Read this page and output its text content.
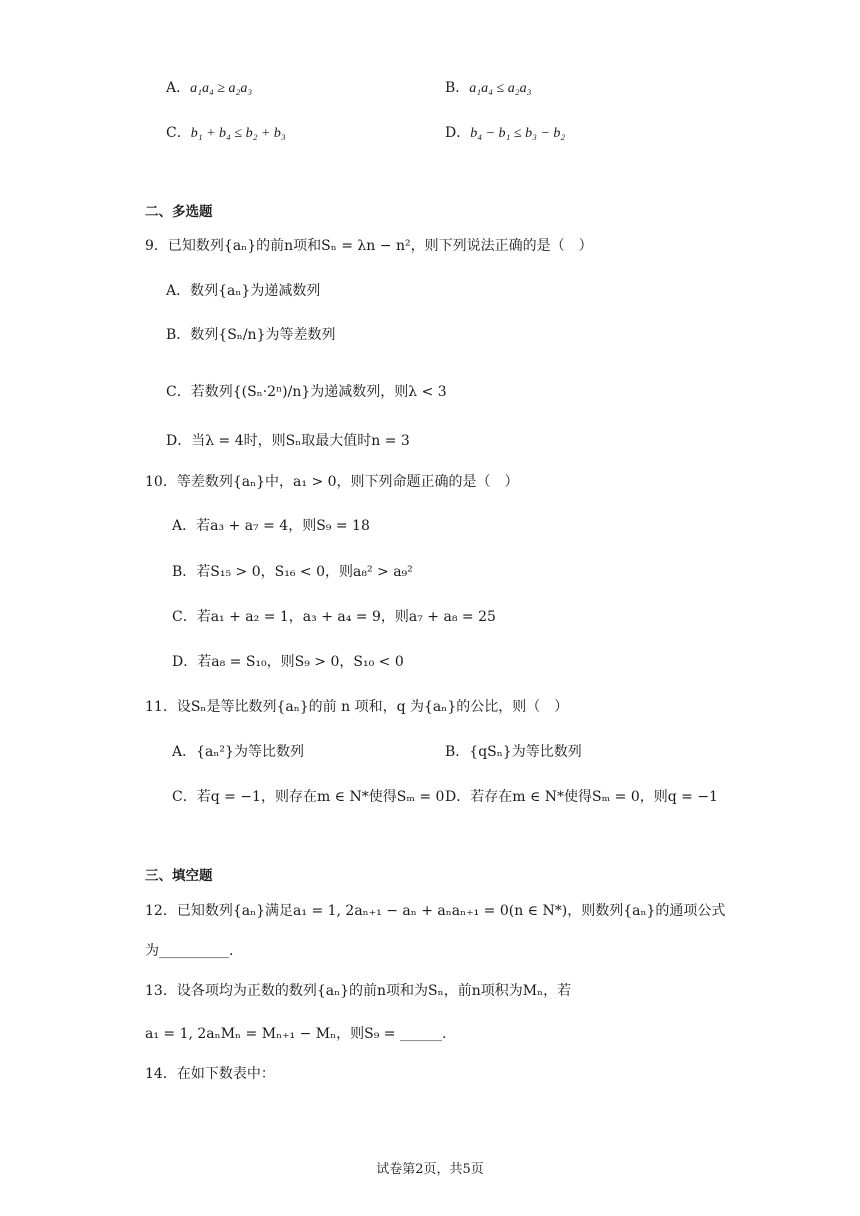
A．a₁a₄ ≥ a₂a₃	B．a₁a₄ ≤ a₂a₃
C．b₁ + b₄ ≤ b₂ + b₃	D．b₄ − b₁ ≤ b₃ − b₂
二、多选题
9．已知数列{aₙ}的前n项和Sₙ = λn − n²，则下列说法正确的是（　）
A．数列{aₙ}为递减数列
B．数列{Sₙ/n}为等差数列
C．若数列{(Sₙ·2ⁿ)/n}为递减数列，则λ < 3
D．当λ = 4时，则Sₙ取最大值时n = 3
10．等差数列{aₙ}中，a₁ > 0，则下列命题正确的是（　）
A．若a₃ + a₇ = 4，则S₉ = 18
B．若S₁₅ > 0，S₁₆ < 0，则a₈² > a₉²
C．若a₁ + a₂ = 1，a₃ + a₄ = 9，则a₇ + a₈ = 25
D．若a₈ = S₁₀，则S₉ > 0，S₁₀ < 0
11．设Sₙ是等比数列{aₙ}的前 n 项和，q 为{aₙ}的公比，则（　）
A．{aₙ²}为等比数列	B．{qSₙ}为等比数列
C．若q = −1，则存在m ∈ N*使得Sₘ = 0 D．若存在m ∈ N*使得Sₘ = 0，则q = −1
三、填空题
12．已知数列{aₙ}满足a₁ = 1, 2aₙ₊₁ − aₙ + aₙaₙ₊₁ = 0(n ∈ N*)，则数列{aₙ}的通项公式
为__________.
13．设各项均为正数的数列{aₙ}的前n项和为Sₙ，前n项积为Mₙ，若
a₁ = 1, 2aₙMₙ = Mₙ₊₁ − Mₙ，则S₉ = ______.
14．在如下数表中：
试卷第2页，共5页
